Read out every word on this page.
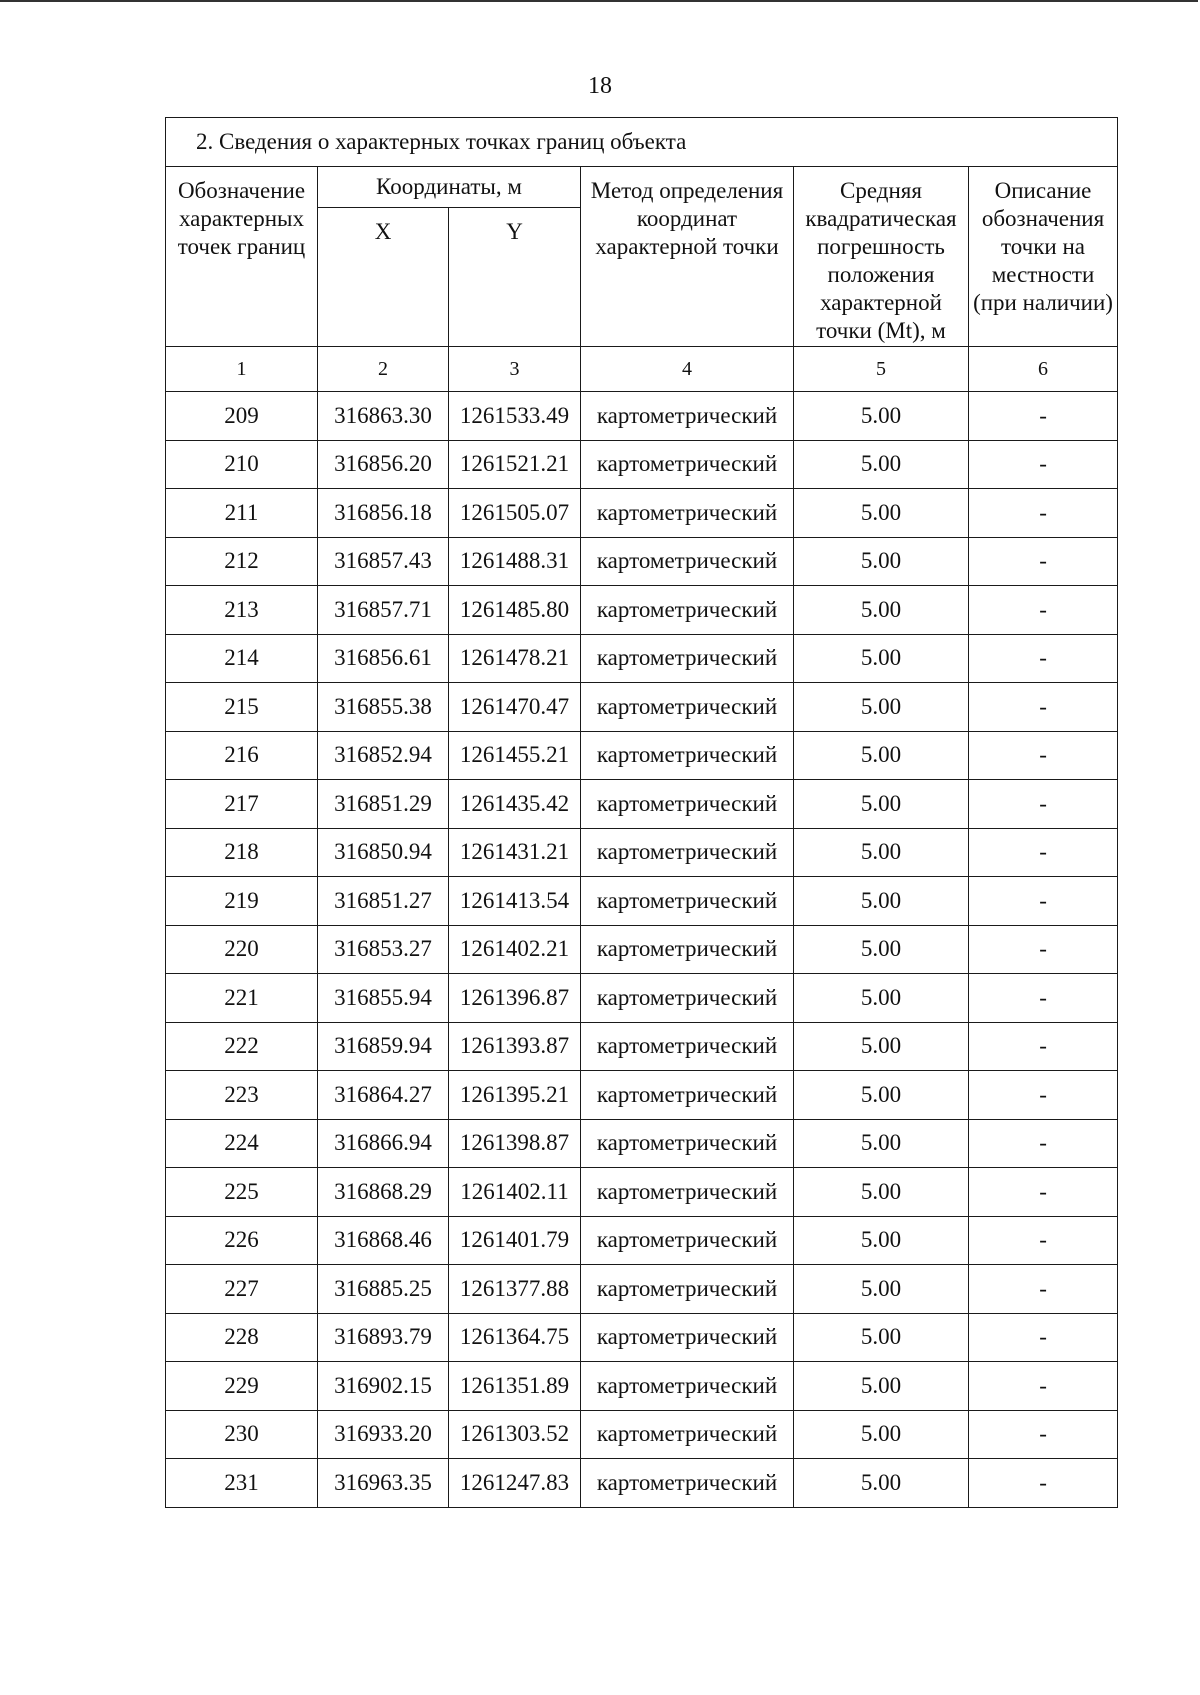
18
2. Сведения о характерных точках границ объекта					
Обозначение характерных точек границ	Координаты, м		Метод определения координат характерной точки	Средняя квадратическая погрешность положения характерной точки (Mt), м	Описание обозначения точки на местности (при наличии)
	X	Y			
1	2	3	4	5	6
209	316863.30	1261533.49	картометрический	5.00	-
210	316856.20	1261521.21	картометрический	5.00	-
211	316856.18	1261505.07	картометрический	5.00	-
212	316857.43	1261488.31	картометрический	5.00	-
213	316857.71	1261485.80	картометрический	5.00	-
214	316856.61	1261478.21	картометрический	5.00	-
215	316855.38	1261470.47	картометрический	5.00	-
216	316852.94	1261455.21	картометрический	5.00	-
217	316851.29	1261435.42	картометрический	5.00	-
218	316850.94	1261431.21	картометрический	5.00	-
219	316851.27	1261413.54	картометрический	5.00	-
220	316853.27	1261402.21	картометрический	5.00	-
221	316855.94	1261396.87	картометрический	5.00	-
222	316859.94	1261393.87	картометрический	5.00	-
223	316864.27	1261395.21	картометрический	5.00	-
224	316866.94	1261398.87	картометрический	5.00	-
225	316868.29	1261402.11	картометрический	5.00	-
226	316868.46	1261401.79	картометрический	5.00	-
227	316885.25	1261377.88	картометрический	5.00	-
228	316893.79	1261364.75	картометрический	5.00	-
229	316902.15	1261351.89	картометрический	5.00	-
230	316933.20	1261303.52	картометрический	5.00	-
231	316963.35	1261247.83	картометрический	5.00	-
